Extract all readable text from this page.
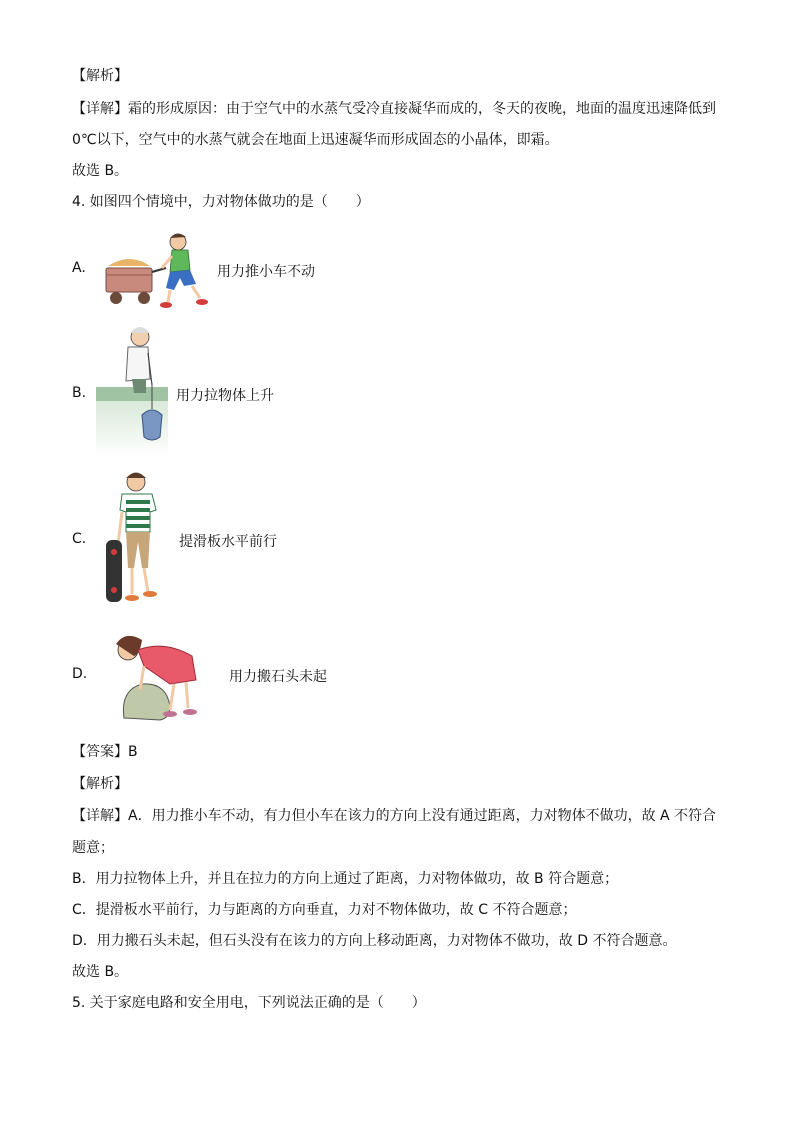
【解析】
【详解】霜的形成原因：由于空气中的水蒸气受冷直接凝华而成的，冬天的夜晚，地面的温度迅速降低到
0℃以下，空气中的水蒸气就会在地面上迅速凝华而形成固态的小晶体，即霜。
故选 B。
4. 如图四个情境中，力对物体做功的是（　　）
A.	用力推小车不动
B.	用力拉物体上升
C.	提滑板水平前行
D.	用力搬石头未起
【答案】B
【解析】
【详解】A．用力推小车不动，有力但小车在该力的方向上没有通过距离，力对物体不做功，故 A 不符合
题意；
B．用力拉物体上升，并且在拉力的方向上通过了距离，力对物体做功，故 B 符合题意；
C．提滑板水平前行，力与距离的方向垂直，力对不物体做功，故 C 不符合题意；
D．用力搬石头未起，但石头没有在该力的方向上移动距离，力对物体不做功，故 D 不符合题意。
故选 B。
5. 关于家庭电路和安全用电，下列说法正确的是（　　）
